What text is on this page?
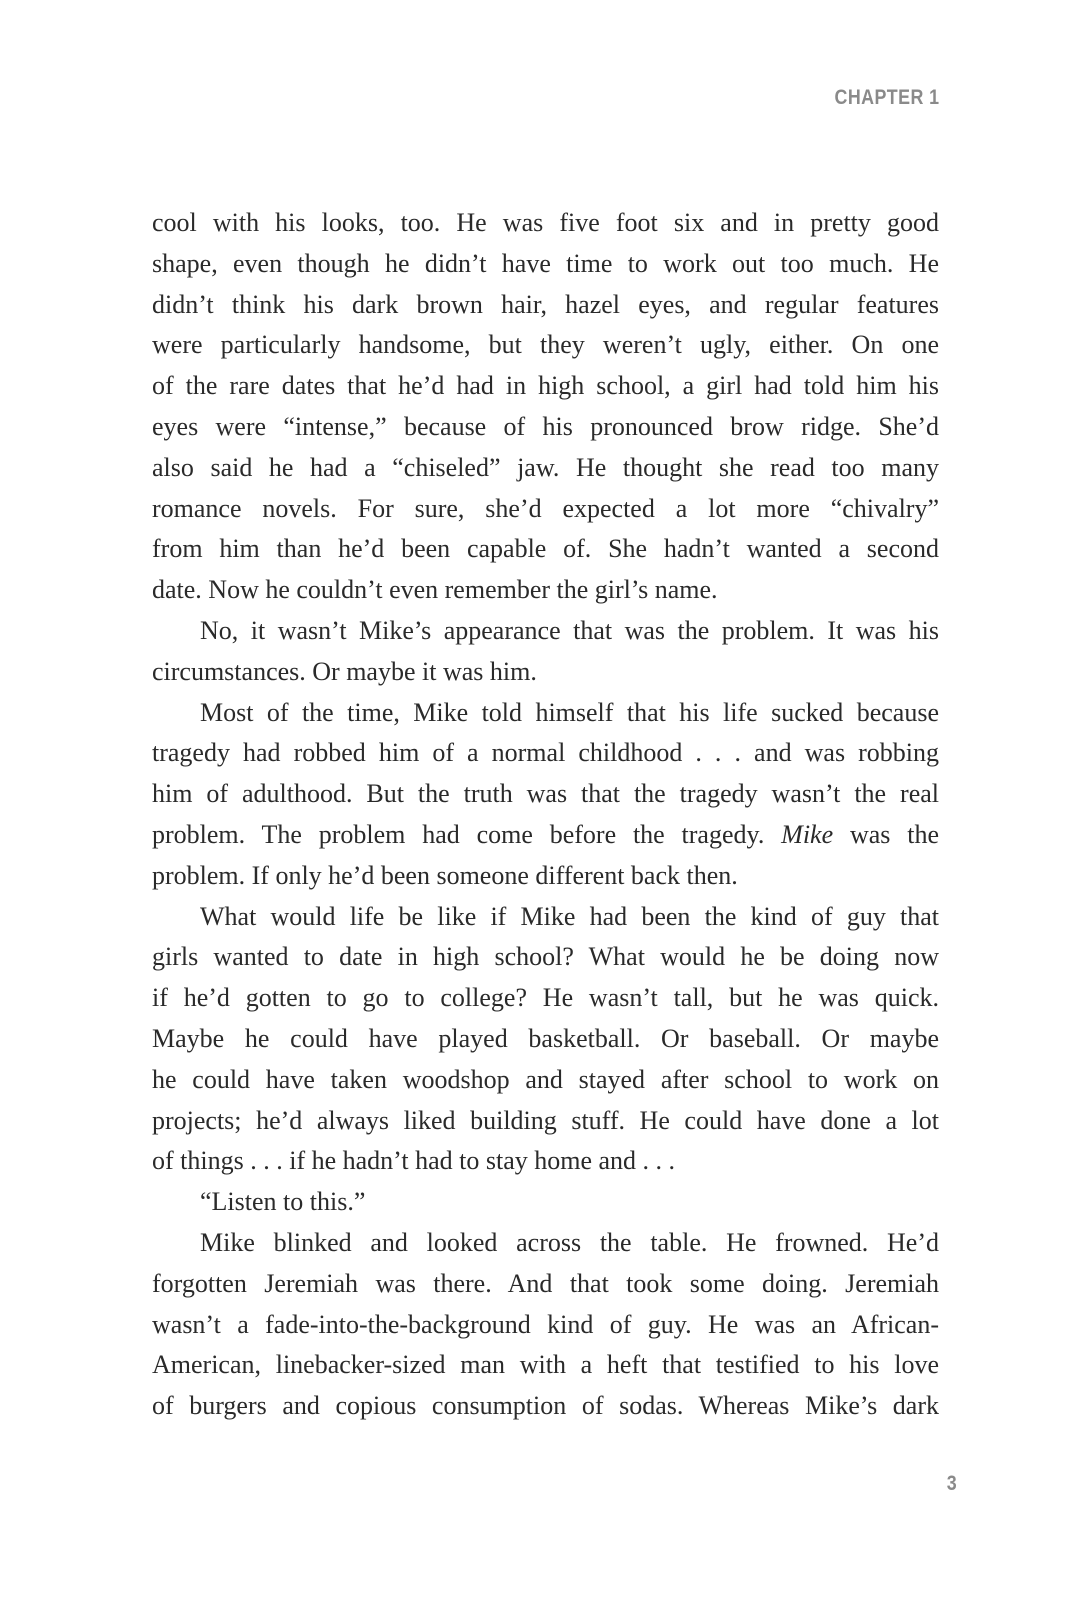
CHAPTER 1
cool with his looks, too. He was five foot six and in pretty good
shape, even though he didn’t have time to work out too much. He
didn’t think his dark brown hair, hazel eyes, and regular features
were particularly handsome, but they weren’t ugly, either. On one
of the rare dates that he’d had in high school, a girl had told him his
eyes were “intense,” because of his pronounced brow ridge. She’d
also said he had a “chiseled” jaw. He thought she read too many
romance novels. For sure, she’d expected a lot more “chivalry”
from him than he’d been capable of. She hadn’t wanted a second
date. Now he couldn’t even remember the girl’s name.
No, it wasn’t Mike’s appearance that was the problem. It was his
circumstances. Or maybe it was him.
Most of the time, Mike told himself that his life sucked because
tragedy had robbed him of a normal childhood . . . and was robbing
him of adulthood. But the truth was that the tragedy wasn’t the real
problem. The problem had come before the tragedy. Mike was the
problem. If only he’d been someone different back then.
What would life be like if Mike had been the kind of guy that
girls wanted to date in high school? What would he be doing now
if he’d gotten to go to college? He wasn’t tall, but he was quick.
Maybe he could have played basketball. Or baseball. Or maybe
he could have taken woodshop and stayed after school to work on
projects; he’d always liked building stuff. He could have done a lot
of things . . . if he hadn’t had to stay home and . . .
“Listen to this.”
Mike blinked and looked across the table. He frowned. He’d
forgotten Jeremiah was there. And that took some doing. Jeremiah
wasn’t a fade-into-the-background kind of guy. He was an African-
American, linebacker-sized man with a heft that testified to his love
of burgers and copious consumption of sodas. Whereas Mike’s dark
3
